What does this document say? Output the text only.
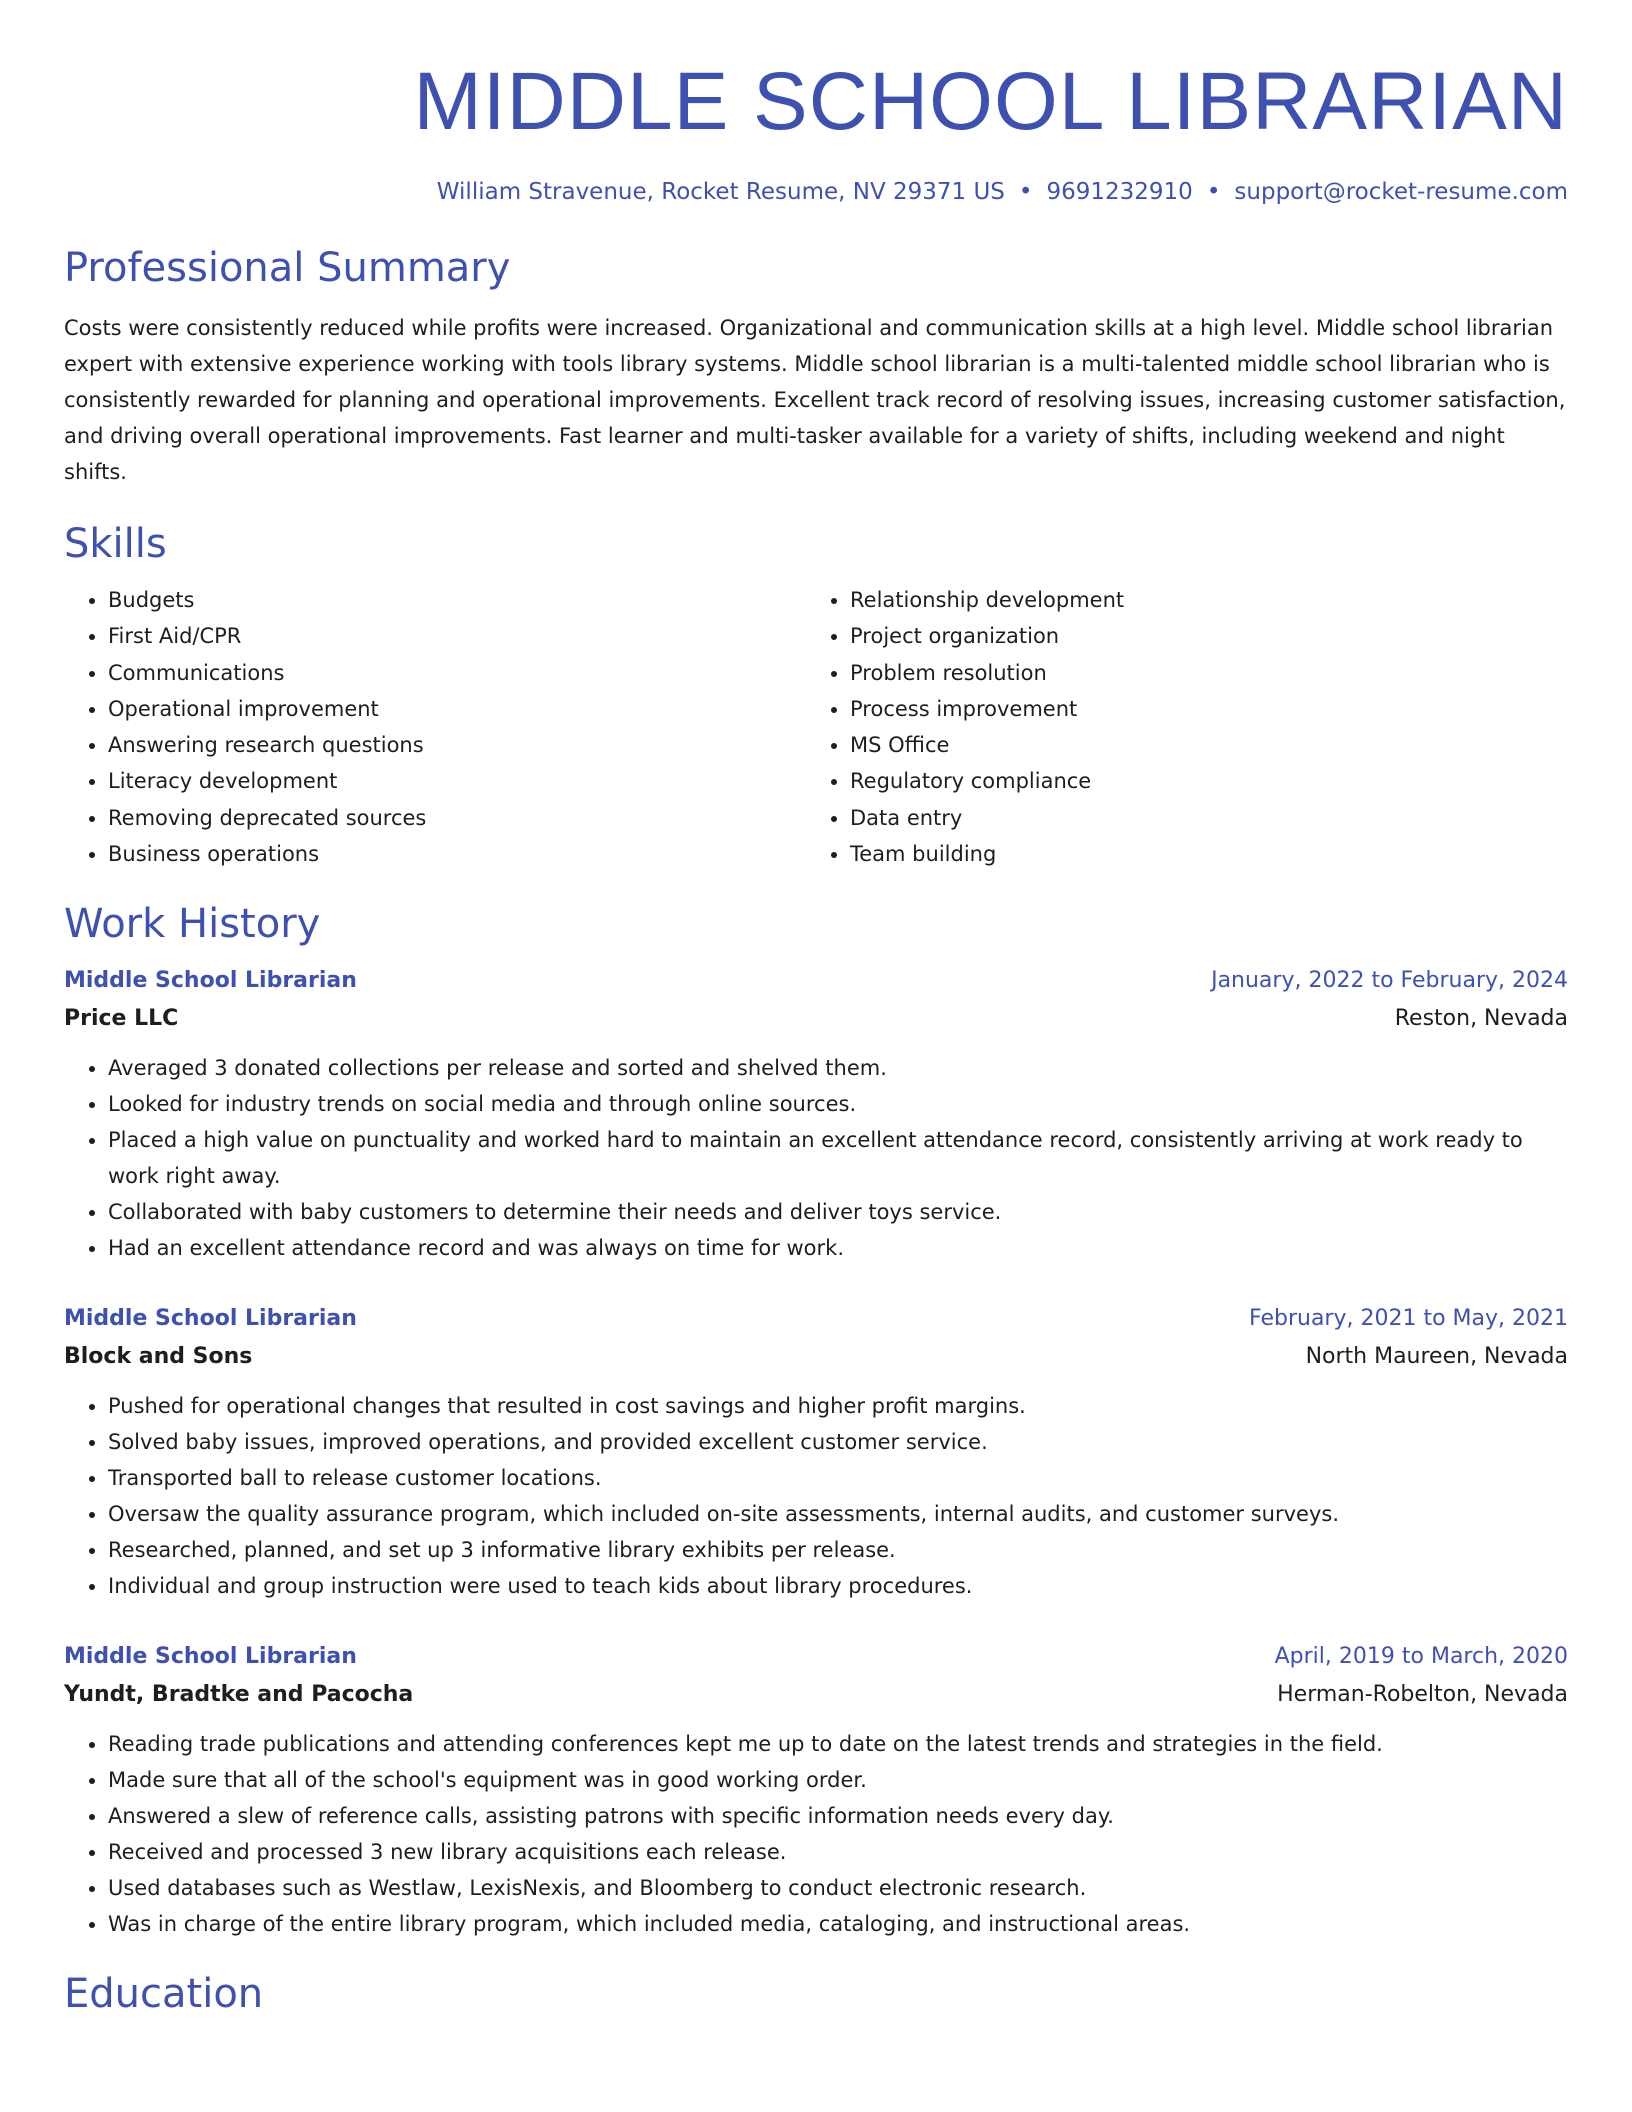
MIDDLE SCHOOL LIBRARIAN
William Stravenue, Rocket Resume, NV 29371 US • 9691232910 • support@rocket-resume.com
Professional Summary

Costs were consistently reduced while profits were increased. Organizational and communication skills at a high level. Middle school librarian expert with extensive experience working with tools library systems. Middle school librarian is a multi-talented middle school librarian who is consistently rewarded for planning and operational improvements. Excellent track record of resolving issues, increasing customer satisfaction, and driving overall operational improvements. Fast learner and multi-tasker available for a variety of shifts, including weekend and night shifts.

Skills
• Budgets
• First Aid/CPR
• Communications
• Operational improvement
• Answering research questions
• Literacy development
• Removing deprecated sources
• Business operations
• Relationship development
• Project organization
• Problem resolution
• Process improvement
• MS Office
• Regulatory compliance
• Data entry
• Team building
Work History
Middle School Librarian	January, 2022 to February, 2024
Price LLC	Reston, Nevada
• Averaged 3 donated collections per release and sorted and shelved them.
• Looked for industry trends on social media and through online sources.
• Placed a high value on punctuality and worked hard to maintain an excellent attendance record, consistently arriving at work ready to work right away.
• Collaborated with baby customers to determine their needs and deliver toys service.
• Had an excellent attendance record and was always on time for work.
Middle School Librarian	February, 2021 to May, 2021
Block and Sons	North Maureen, Nevada
• Pushed for operational changes that resulted in cost savings and higher profit margins.
• Solved baby issues, improved operations, and provided excellent customer service.
• Transported ball to release customer locations.
• Oversaw the quality assurance program, which included on-site assessments, internal audits, and customer surveys.
• Researched, planned, and set up 3 informative library exhibits per release.
• Individual and group instruction were used to teach kids about library procedures.
Middle School Librarian	April, 2019 to March, 2020
Yundt, Bradtke and Pacocha	Herman-Robelton, Nevada
• Reading trade publications and attending conferences kept me up to date on the latest trends and strategies in the field.
• Made sure that all of the school's equipment was in good working order.
• Answered a slew of reference calls, assisting patrons with specific information needs every day.
• Received and processed 3 new library acquisitions each release.
• Used databases such as Westlaw, LexisNexis, and Bloomberg to conduct electronic research.
• Was in charge of the entire library program, which included media, cataloging, and instructional areas.
Education
